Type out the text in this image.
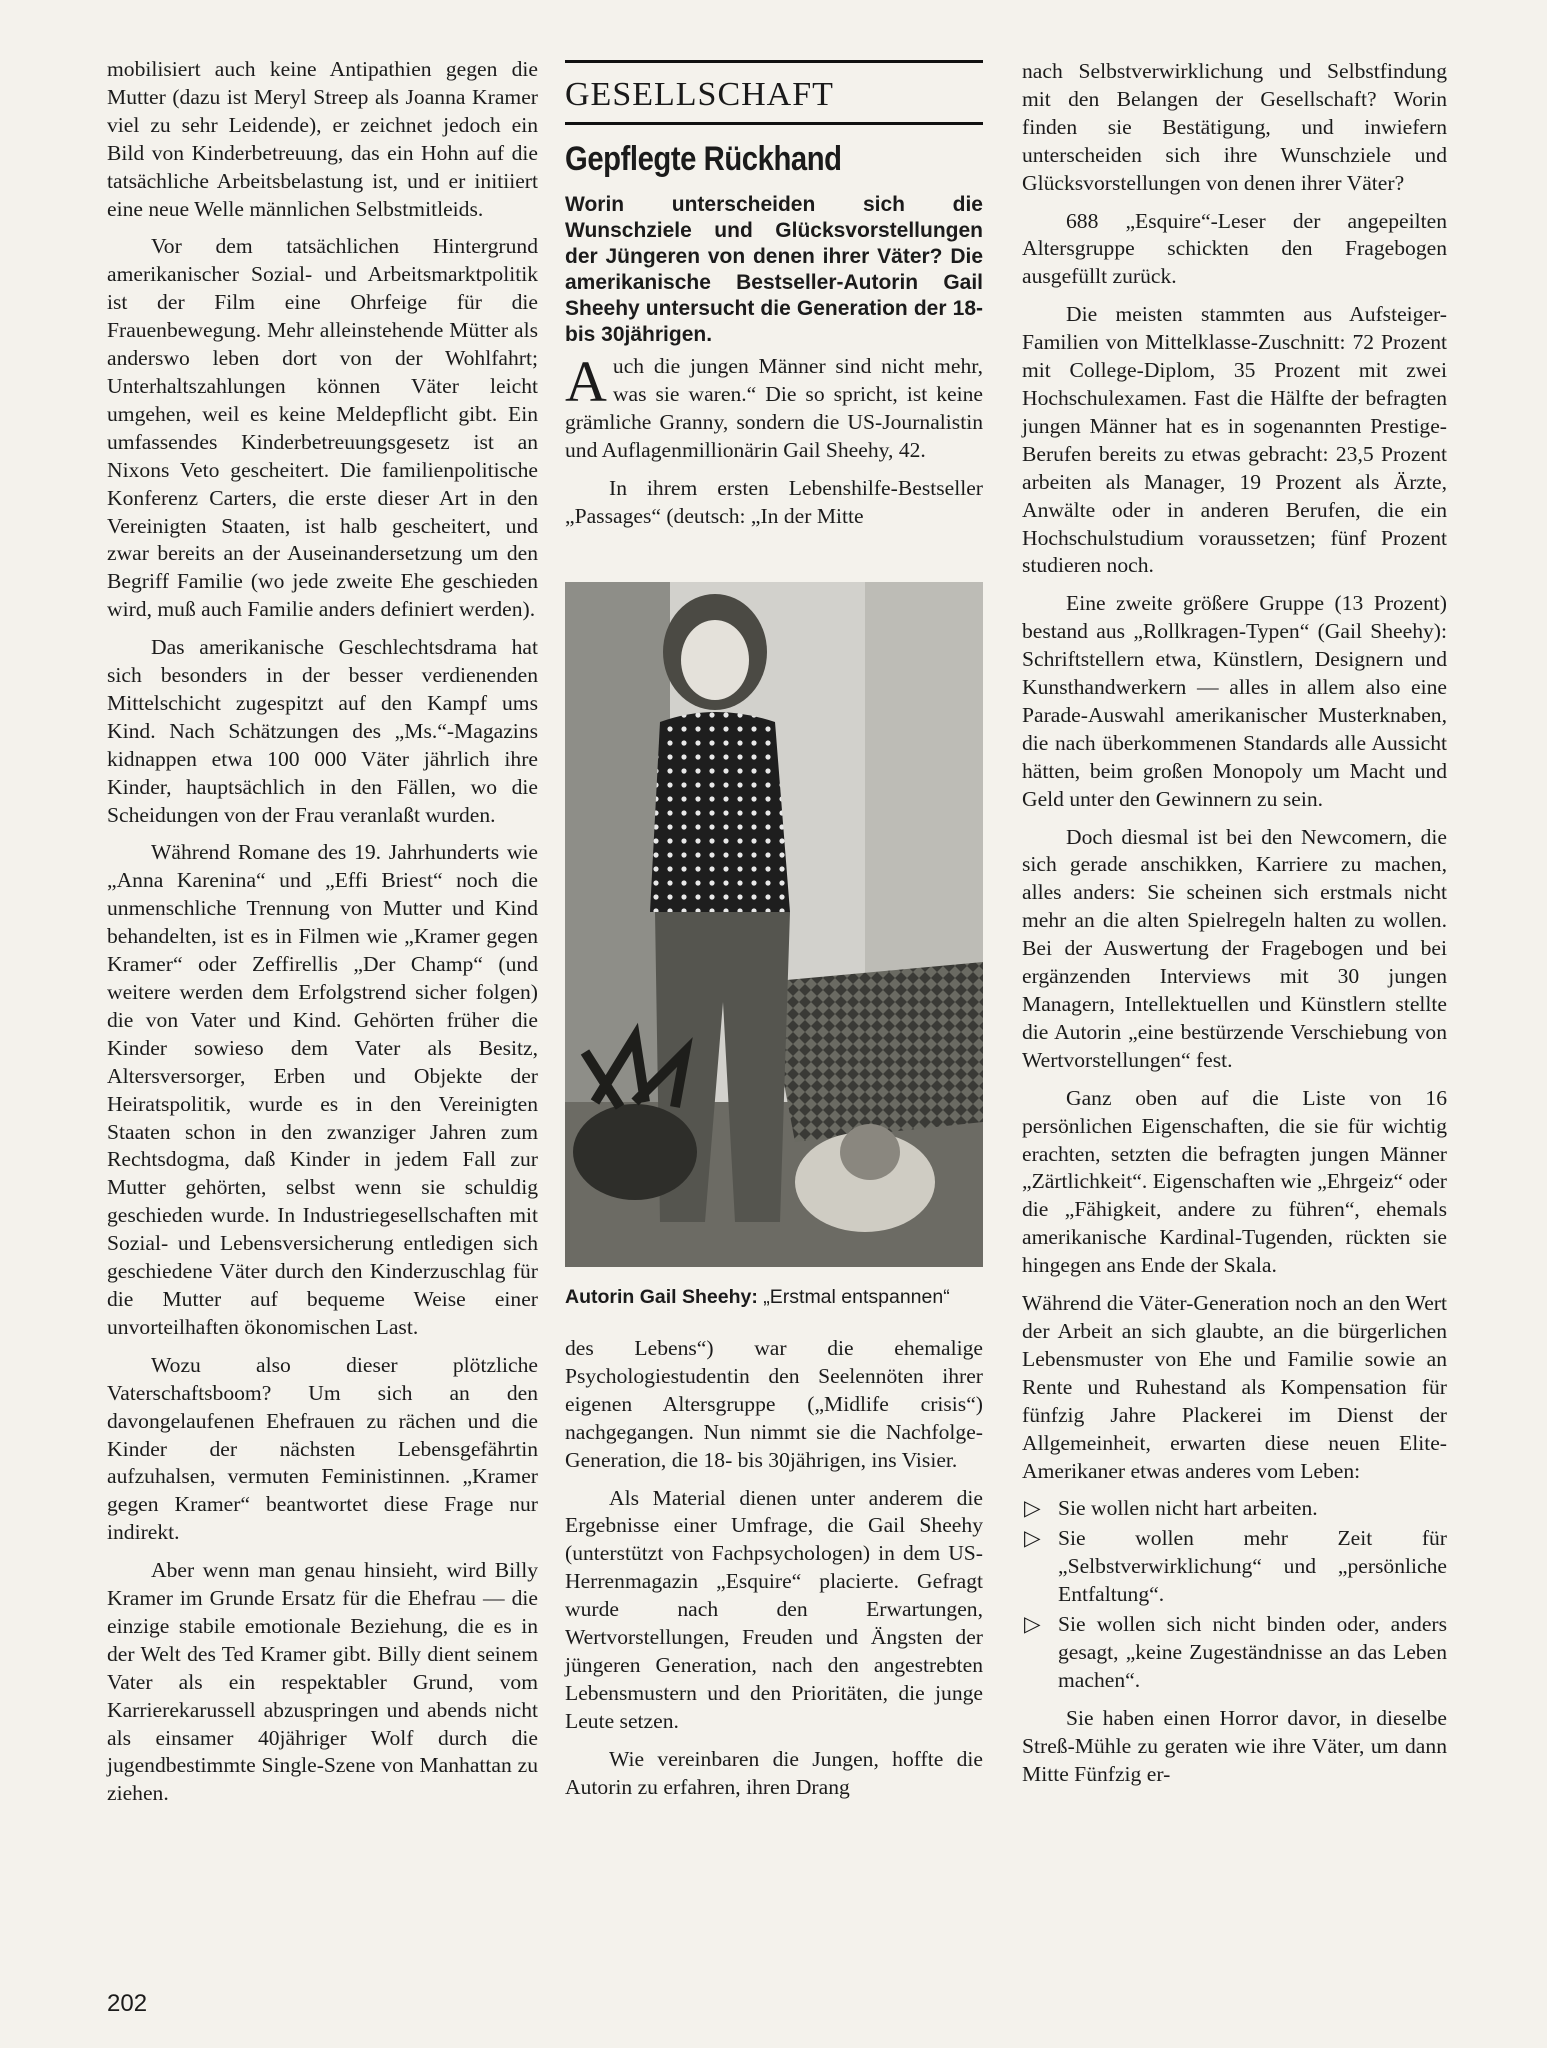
mobilisiert auch keine Antipathien gegen die Mutter (dazu ist Meryl Streep als Joanna Kramer viel zu sehr Leidende), er zeichnet jedoch ein Bild von Kinderbetreuung, das ein Hohn auf die tatsächliche Arbeitsbelastung ist, und er initiiert eine neue Welle männlichen Selbstmitleids.

Vor dem tatsächlichen Hintergrund amerikanischer Sozial- und Arbeitsmarktpolitik ist der Film eine Ohrfeige für die Frauenbewegung. Mehr alleinstehende Mütter als anderswo leben dort von der Wohlfahrt; Unterhaltszahlungen können Väter leicht umgehen, weil es keine Meldepflicht gibt. Ein umfassendes Kinderbetreuungsgesetz ist an Nixons Veto gescheitert. Die familienpolitische Konferenz Carters, die erste dieser Art in den Vereinigten Staaten, ist halb gescheitert, und zwar bereits an der Auseinandersetzung um den Begriff Familie (wo jede zweite Ehe geschieden wird, muß auch Familie anders definiert werden).

Das amerikanische Geschlechtsdrama hat sich besonders in der besser verdienenden Mittelschicht zugespitzt auf den Kampf ums Kind. Nach Schätzungen des „Ms.“-Magazins kidnappen etwa 100 000 Väter jährlich ihre Kinder, hauptsächlich in den Fällen, wo die Scheidungen von der Frau veranlaßt wurden.

Während Romane des 19. Jahrhunderts wie „Anna Karenina“ und „Effi Briest“ noch die unmenschliche Trennung von Mutter und Kind behandelten, ist es in Filmen wie „Kramer gegen Kramer“ oder Zeffirellis „Der Champ“ (und weitere werden dem Erfolgstrend sicher folgen) die von Vater und Kind. Gehörten früher die Kinder sowieso dem Vater als Besitz, Altersversorger, Erben und Objekte der Heiratspolitik, wurde es in den Vereinigten Staaten schon in den zwanziger Jahren zum Rechtsdogma, daß Kinder in jedem Fall zur Mutter gehörten, selbst wenn sie schuldig geschieden wurde. In Industriegesellschaften mit Sozial- und Lebensversicherung entledigen sich geschiedene Väter durch den Kinderzuschlag für die Mutter auf bequeme Weise einer unvorteilhaften ökonomischen Last.

Wozu also dieser plötzliche Vaterschaftsboom? Um sich an den davongelaufenen Ehefrauen zu rächen und die Kinder der nächsten Lebensgefährtin aufzuhalsen, vermuten Feministinnen. „Kramer gegen Kramer“ beantwortet diese Frage nur indirekt.

Aber wenn man genau hinsieht, wird Billy Kramer im Grunde Ersatz für die Ehefrau — die einzige stabile emotionale Beziehung, die es in der Welt des Ted Kramer gibt. Billy dient seinem Vater als ein respektabler Grund, vom Karrierekarussell abzuspringen und abends nicht als einsamer 40jähriger Wolf durch die jugendbestimmte Single-Szene von Manhattan zu ziehen.

GESELLSCHAFT
Gepflegte Rückhand
Worin unterscheiden sich die Wunschziele und Glücksvorstellungen der Jüngeren von denen ihrer Väter? Die amerikanische Bestseller-Autorin Gail Sheehy untersucht die Generation der 18- bis 30jährigen.

Auch die jungen Männer sind nicht mehr, was sie waren.“ Die so spricht, ist keine grämliche Granny, sondern die US-Journalistin und Auflagenmillionärin Gail Sheehy, 42.

In ihrem ersten Lebenshilfe-Bestseller „Passages“ (deutsch: „In der Mitte

Autorin Gail Sheehy: „Erstmal entspannen“

des Lebens“) war die ehemalige Psychologiestudentin den Seelennöten ihrer eigenen Altersgruppe („Midlife crisis“) nachgegangen. Nun nimmt sie die Nachfolge-Generation, die 18- bis 30jährigen, ins Visier.

Als Material dienen unter anderem die Ergebnisse einer Umfrage, die Gail Sheehy (unterstützt von Fachpsychologen) in dem US-Herrenmagazin „Esquire“ placierte. Gefragt wurde nach den Erwartungen, Wertvorstellungen, Freuden und Ängsten der jüngeren Generation, nach den angestrebten Lebensmustern und den Prioritäten, die junge Leute setzen.

Wie vereinbaren die Jungen, hoffte die Autorin zu erfahren, ihren Drang

nach Selbstverwirklichung und Selbstfindung mit den Belangen der Gesellschaft? Worin finden sie Bestätigung, und inwiefern unterscheiden sich ihre Wunschziele und Glücksvorstellungen von denen ihrer Väter?

688 „Esquire“-Leser der angepeilten Altersgruppe schickten den Fragebogen ausgefüllt zurück.

Die meisten stammten aus Aufsteiger-Familien von Mittelklasse-Zuschnitt: 72 Prozent mit College-Diplom, 35 Prozent mit zwei Hochschulexamen. Fast die Hälfte der befragten jungen Männer hat es in sogenannten Prestige-Berufen bereits zu etwas gebracht: 23,5 Prozent arbeiten als Manager, 19 Prozent als Ärzte, Anwälte oder in anderen Berufen, die ein Hochschulstudium voraussetzen; fünf Prozent studieren noch.

Eine zweite größere Gruppe (13 Prozent) bestand aus „Rollkragen-Typen“ (Gail Sheehy): Schriftstellern etwa, Künstlern, Designern und Kunsthandwerkern — alles in allem also eine Parade-Auswahl amerikanischer Musterknaben, die nach überkommenen Standards alle Aussicht hätten, beim großen Monopoly um Macht und Geld unter den Gewinnern zu sein.

Doch diesmal ist bei den Newcomern, die sich gerade anschikken, Karriere zu machen, alles anders: Sie scheinen sich erstmals nicht mehr an die alten Spielregeln halten zu wollen. Bei der Auswertung der Fragebogen und bei ergänzenden Interviews mit 30 jungen Managern, Intellektuellen und Künstlern stellte die Autorin „eine bestürzende Verschiebung von Wertvorstellungen“ fest.

Ganz oben auf die Liste von 16 persönlichen Eigenschaften, die sie für wichtig erachten, setzten die befragten jungen Männer „Zärtlichkeit“. Eigenschaften wie „Ehrgeiz“ oder die „Fähigkeit, andere zu führen“, ehemals amerikanische Kardinal-Tugenden, rückten sie hingegen ans Ende der Skala.

Während die Väter-Generation noch an den Wert der Arbeit an sich glaubte, an die bürgerlichen Lebensmuster von Ehe und Familie sowie an Rente und Ruhestand als Kompensation für fünfzig Jahre Plackerei im Dienst der Allgemeinheit, erwarten diese neuen Elite-Amerikaner etwas anderes vom Leben:

▷ Sie wollen nicht hart arbeiten.
▷ Sie wollen mehr Zeit für „Selbstverwirklichung“ und „persönliche Entfaltung“.
▷ Sie wollen sich nicht binden oder, anders gesagt, „keine Zugeständnisse an das Leben machen“.

Sie haben einen Horror davor, in dieselbe Streß-Mühle zu geraten wie ihre Väter, um dann Mitte Fünfzig er-

202
